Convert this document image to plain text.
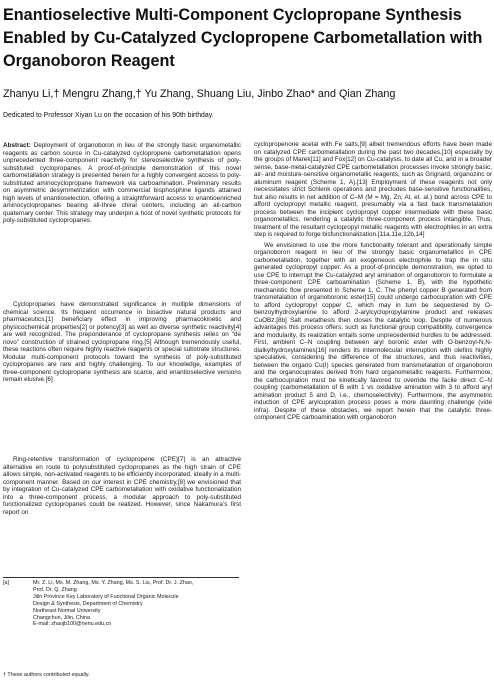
Enantioselective Multi-Component Cyclopropane Synthesis Enabled by Cu-Catalyzed Cyclopropene Carbometallation with Organoboron Reagent
Zhanyu Li,† Mengru Zhang,† Yu Zhang, Shuang Liu, Jinbo Zhao* and Qian Zhang
Dedicated to Professor Xiyan Lu on the occasion of his 90th birthday.

Abstract: Deployment of organoboron in lieu of the strongly basic organometallic reagents as carbon source in Cu-catalyzed cyclopropene carbometallation opens unprecedented three-component reactivity for stereoselective synthesis of poly-substituted cyclopropanes. A proof-of-principle demonstration of this novel carbometallation strategy is presented herein for a highly convergent access to poly-substituted aminocyclopropane framework via carboamination. Preliminary results on asymmetric desymmetrization with commercial bisphosphine ligands attained high levels of enantioselection, offering a straightforward access to enantioenriched aminocyclopropanes bearing all-three chiral centers, including an all-carbon quaternary center. This strategy may underpin a host of novel synthetic protocols for poly-substituted cyclopropanes.

Cyclopropanes have demonstrated significance in multiple dimensions of chemical science. Its frequent occurrence in bioactive natural products and pharmaceutics,[1] beneficiary effect in improving pharmacokinetic and physicochemical properties[2] or potency[3] as well as diverse synthetic reactivity[4] are well recognized. The preponderance of cyclopropane synthesis relies on “de novo” construction of strained cyclopropane ring.[5] Although tremendously useful, these reactions often require highly reactive reagents or special substrate structures. Modular multi-component protocols toward the synthesis of poly-substituted cyclopropanes are rare and highly challenging. To our knowledge, examples of three-component cyclopropane synthesis are scarce, and enantioselective versions remain elusive.[6]

Ring-retentive transformation of cyclopropene (CPE)[7] is an attractive alternative en route to polysubstituted cyclopropanes as the high strain of CPE allows simple, non-activated reagents to be efficiently incorporated, ideally in a multi-component manner. Based on our interest in CPE chemistry,[8] we envisioned that by integration of Cu-catalyzed CPE carbometallation with oxidative functionalization into a three-component process, a modular approach to poly-substituted functionalized cyclopropanes could be realized. However, since Nakamura’s first report on

cyclopropenone acetal with Fe salts,[9] albeit tremendous efforts have been made on catalyzed CPE carbometallation during the past two decades,[10] especially by the groups of Marek[11] and Fox[12] on Cu-catalysis, to date all Cu, and in a broader sense, base-metal-catalyzed CPE carbometallation processes invoke strongly basic, air- and moisture-sensitive organometallic reagents, such as Grignard, organozinc or aluminum reagent (Scheme 1, A).[13] Employment of these reagents not only necessitates strict Schlenk operations and precludes base-sensitive functionalities, but also results in net addition of C–M (M = Mg, Zn, Al, et. al.) bond across CPE to afford cyclopropyl metallic reagent, presumably via a fast back transmetalation process between the incipient cyclopropyl copper intermediate with these basic organometallics, rendering a catalytic three-component process intangible. Thus, treatment of the resultant cyclopropyl metallic reagents with electrophiles in an extra step is required to forge bisfunctionalization.[11a,11e,12b,14]

We envisioned to use the more functionality tolerant and operationally simple organoboron reagent in lieu of the strongly basic organometallics in CPE carbometallation, together with an exogeneous electrophile to trap the in situ generated cyclopropyl copper. As a proof-of-principle demonstration, we opted to use CPE to interrupt the Cu-catalyzed aryl amination of organoboron to formulate a three-component CPE carboamination (Scheme 1, B), with the hypothetic mechanistic flow presented in Scheme 1, C. The phenyl copper B generated from transmetalation of organoboronic ester[15] could undergo carbocupration with CPE to afford cyclopropyl copper C, which may in turn be sequestered by O-benzoylhydroxylamine to afford 2-arylcyclopropylamine product and releases CuOBz.[8b] Salt metathesis then closes the catalytic loop. Despite of numerous advantages this process offers, such as functional group compatibility, convergence and modularity, its realization entails some unprecedented hurdles to be addressed. First, ambient C–N coupling between aryl boronic ester with O-benzoyl-N,N-dialkylhydroxylamines[16] renders its intermolecular interruption with olefins highly speculative, considering the difference of the structures, and thus reactivities, between the organo Cu(I) species generated from transmetalation of organoboron and the organocuprates derived from hard organometallic reagents. Furthermore, the carbocupration must be kinetically favored to override the facile direct C–N coupling (carbometallation of B with 1 vs oxidative amination with 3 to afford aryl amination product 5 and D, i.e., chemoselectivity). Furthermore, the asymmetric induction of CPE arylcupration process poses a more daunting challenge (vide infra). Despite of these obstacles, we report herein that the catalytic three-component CPE carboamination with organoboron

[a]	Mr. Z. Li, Ms. M. Zhang, Ms. Y. Zhang, Ms. S. Liu, Prof. Dr. J. Zhao,
Prof. Dr. Q. Zhang
Jilin Province Key Laboratory of Functional Organic Molecule
Design & Synthesis, Department of Chemistry
Northeast Normal University
Changchun, Jilin, China
E-mail: zhaojb100@nenu.edu.cn
† These authors contributed equally.
